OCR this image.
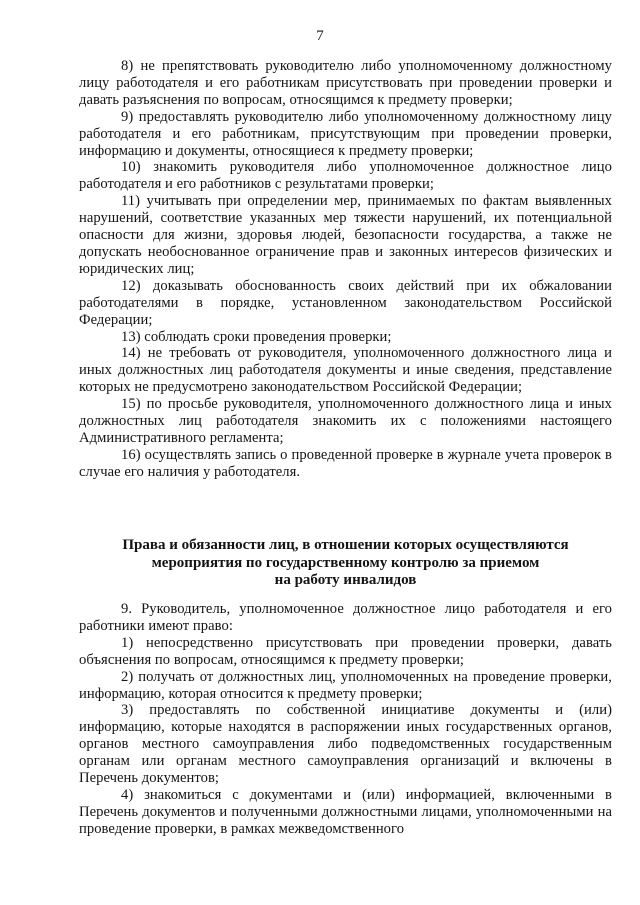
7

8) не препятствовать руководителю либо уполномоченному должностному лицу работодателя и его работникам присутствовать при проведении проверки и давать разъяснения по вопросам, относящимся к предмету проверки;

9) предоставлять руководителю либо уполномоченному должностному лицу работодателя и его работникам, присутствующим при проведении проверки, информацию и документы, относящиеся к предмету проверки;

10) знакомить руководителя либо уполномоченное должностное лицо работодателя и его работников с результатами проверки;

11) учитывать при определении мер, принимаемых по фактам выявленных нарушений, соответствие указанных мер тяжести нарушений, их потенциальной опасности для жизни, здоровья людей, безопасности государства, а также не допускать необоснованное ограничение прав и законных интересов физических и юридических лиц;

12) доказывать обоснованность своих действий при их обжаловании работодателями в порядке, установленном законодательством Российской Федерации;

13) соблюдать сроки проведения проверки;

14) не требовать от руководителя, уполномоченного должностного лица и иных должностных лиц работодателя документы и иные сведения, представление которых не предусмотрено законодательством Российской Федерации;

15) по просьбе руководителя, уполномоченного должностного лица и иных должностных лиц работодателя знакомить их с положениями настоящего Административного регламента;

16) осуществлять запись о проведенной проверке в журнале учета проверок в случае его наличия у работодателя.

Права и обязанности лиц, в отношении которых осуществляются
мероприятия по государственному контролю за приемом
на работу инвалидов

9. Руководитель, уполномоченное должностное лицо работодателя и его работники имеют право:

1) непосредственно присутствовать при проведении проверки, давать объяснения по вопросам, относящимся к предмету проверки;

2) получать от должностных лиц, уполномоченных на проведение проверки, информацию, которая относится к предмету проверки;

3) предоставлять по собственной инициативе документы и (или) информацию, которые находятся в распоряжении иных государственных органов, органов местного самоуправления либо подведомственных государственным органам или органам местного самоуправления организаций и включены в Перечень документов;

4) знакомиться с документами и (или) информацией, включенными в Перечень документов и полученными должностными лицами, уполномоченными на проведение проверки, в рамках межведомственного
